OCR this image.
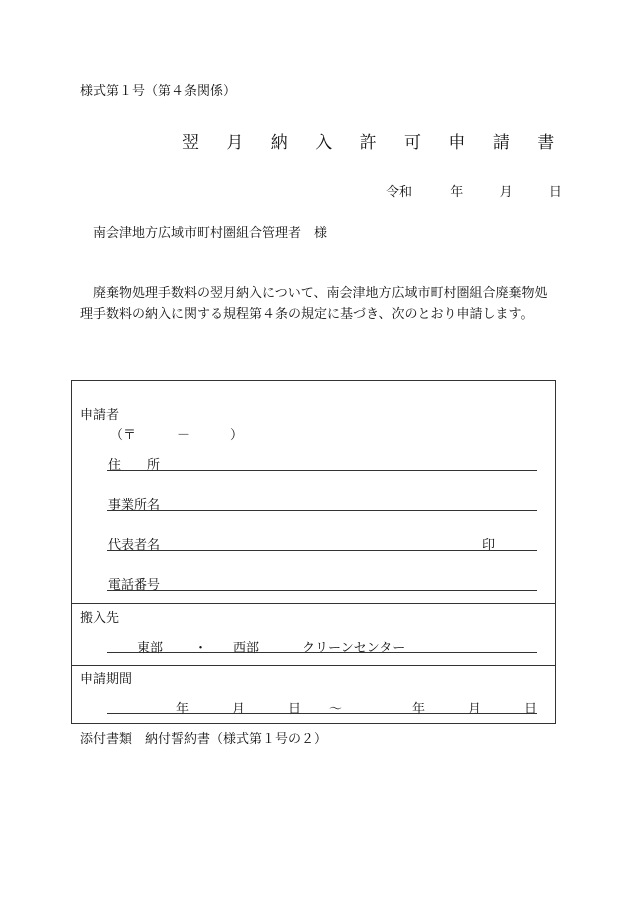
様式第１号（第４条関係）
翌 月 納 入 許 可 申 請 書
令和	年	月	日
南会津地方広域市町村圏組合管理者　様

廃棄物処理手数料の翌月納入について、南会津地方広域市町村圏組合廃棄物処理手数料の納入に関する規程第４条の規定に基づき、次のとおり申請します。

申請者
（〒	－	）
住　　所
事業所名
代表者名	印
電話番号
搬入先
東部 ・ 西部	クリーンセンター
申請期間
年	月	日 ～	年	月	日
添付書類　納付誓約書（様式第１号の２）
